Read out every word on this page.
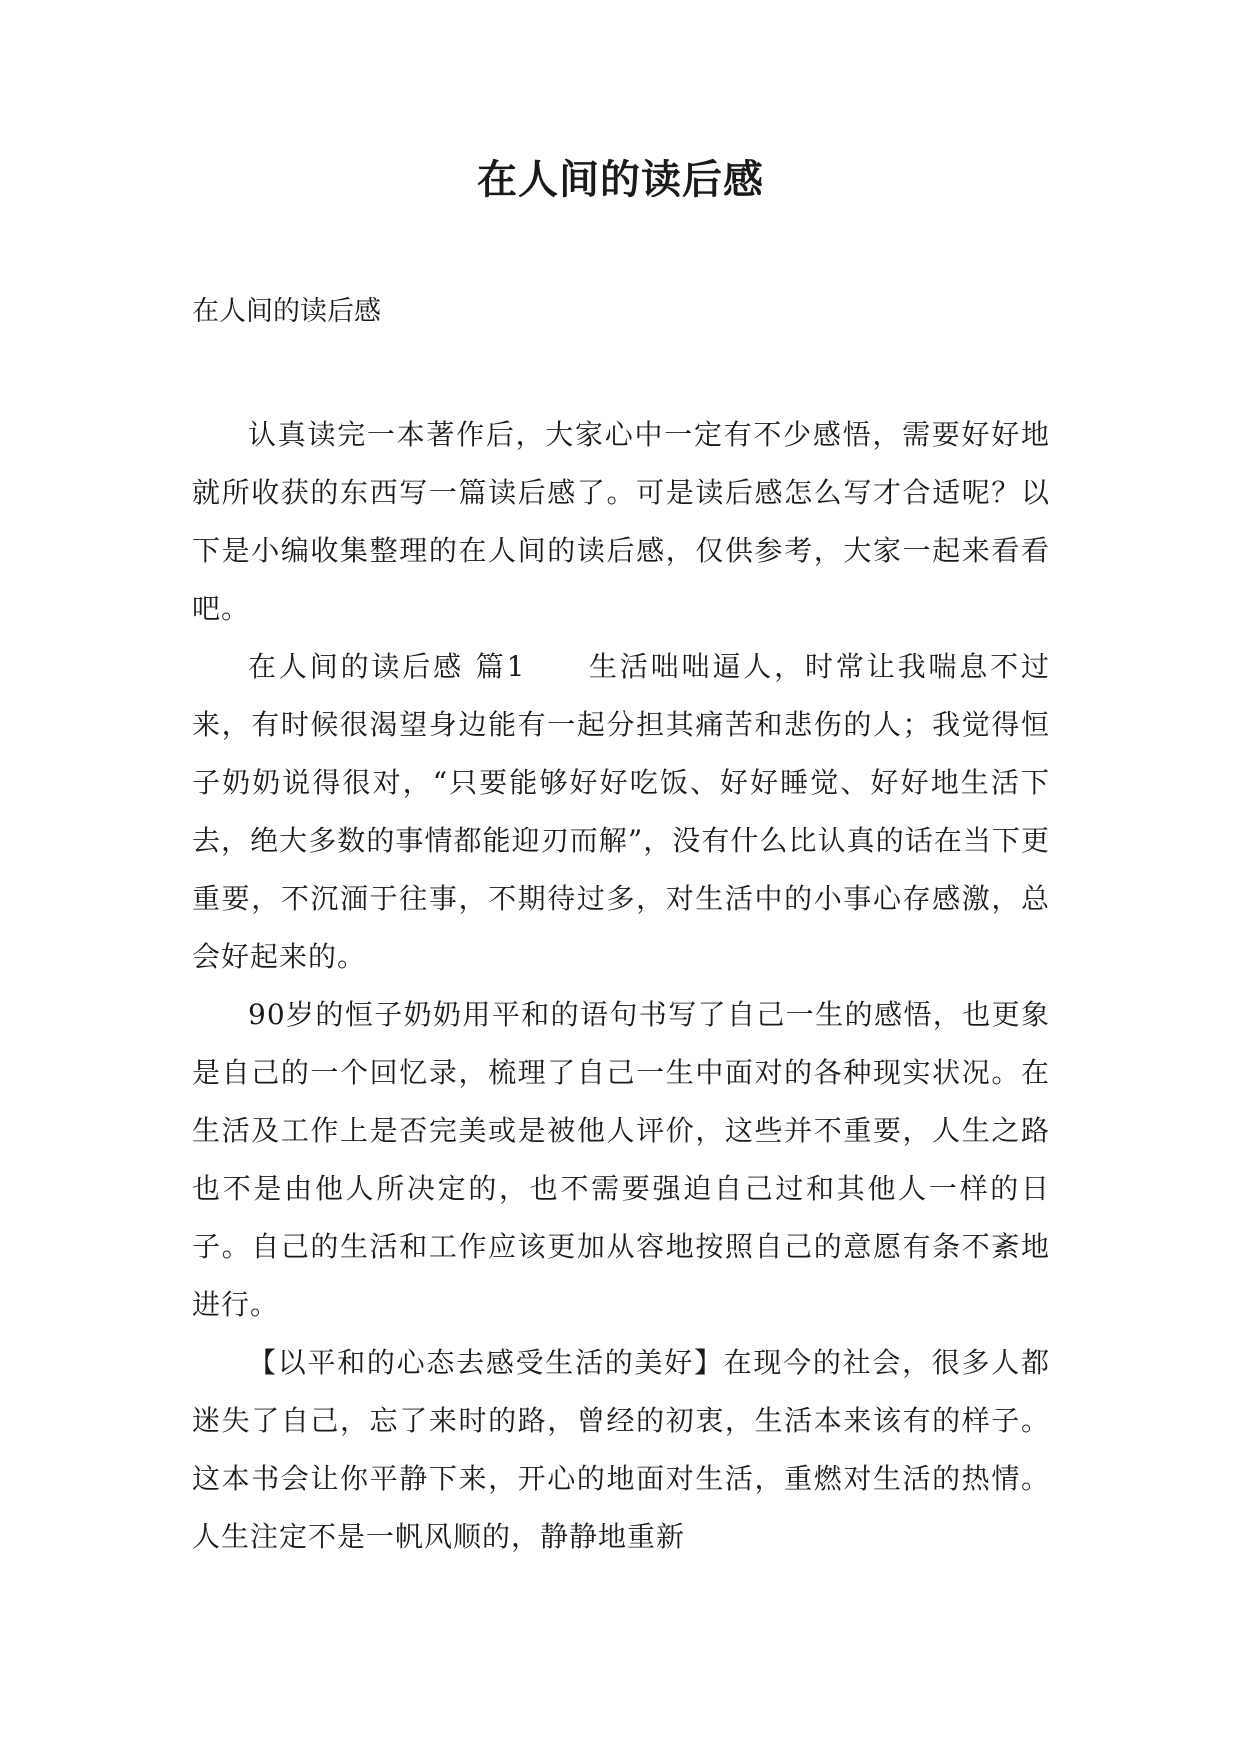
在人间的读后感
在人间的读后感

认真读完一本著作后，大家心中一定有不少感悟，需要好好地就所收获的东西写一篇读后感了。可是读后感怎么写才合适呢？以下是小编收集整理的在人间的读后感，仅供参考，大家一起来看看吧。

在人间的读后感 篇1　　生活咄咄逼人，时常让我喘息不过来，有时候很渴望身边能有一起分担其痛苦和悲伤的人；我觉得恒子奶奶说得很对，“只要能够好好吃饭、好好睡觉、好好地生活下去，绝大多数的事情都能迎刃而解”，没有什么比认真的话在当下更重要，不沉湎于往事，不期待过多，对生活中的小事心存感激，总会好起来的。

90岁的恒子奶奶用平和的语句书写了自己一生的感悟，也更象是自己的一个回忆录，梳理了自己一生中面对的各种现实状况。在生活及工作上是否完美或是被他人评价，这些并不重要，人生之路也不是由他人所决定的，也不需要强迫自己过和其他人一样的日子。自己的生活和工作应该更加从容地按照自己的意愿有条不紊地进行。

【以平和的心态去感受生活的美好】在现今的社会，很多人都迷失了自己，忘了来时的路，曾经的初衷，生活本来该有的样子。这本书会让你平静下来，开心的地面对生活，重燃对生活的热情。人生注定不是一帆风顺的，静静地重新
